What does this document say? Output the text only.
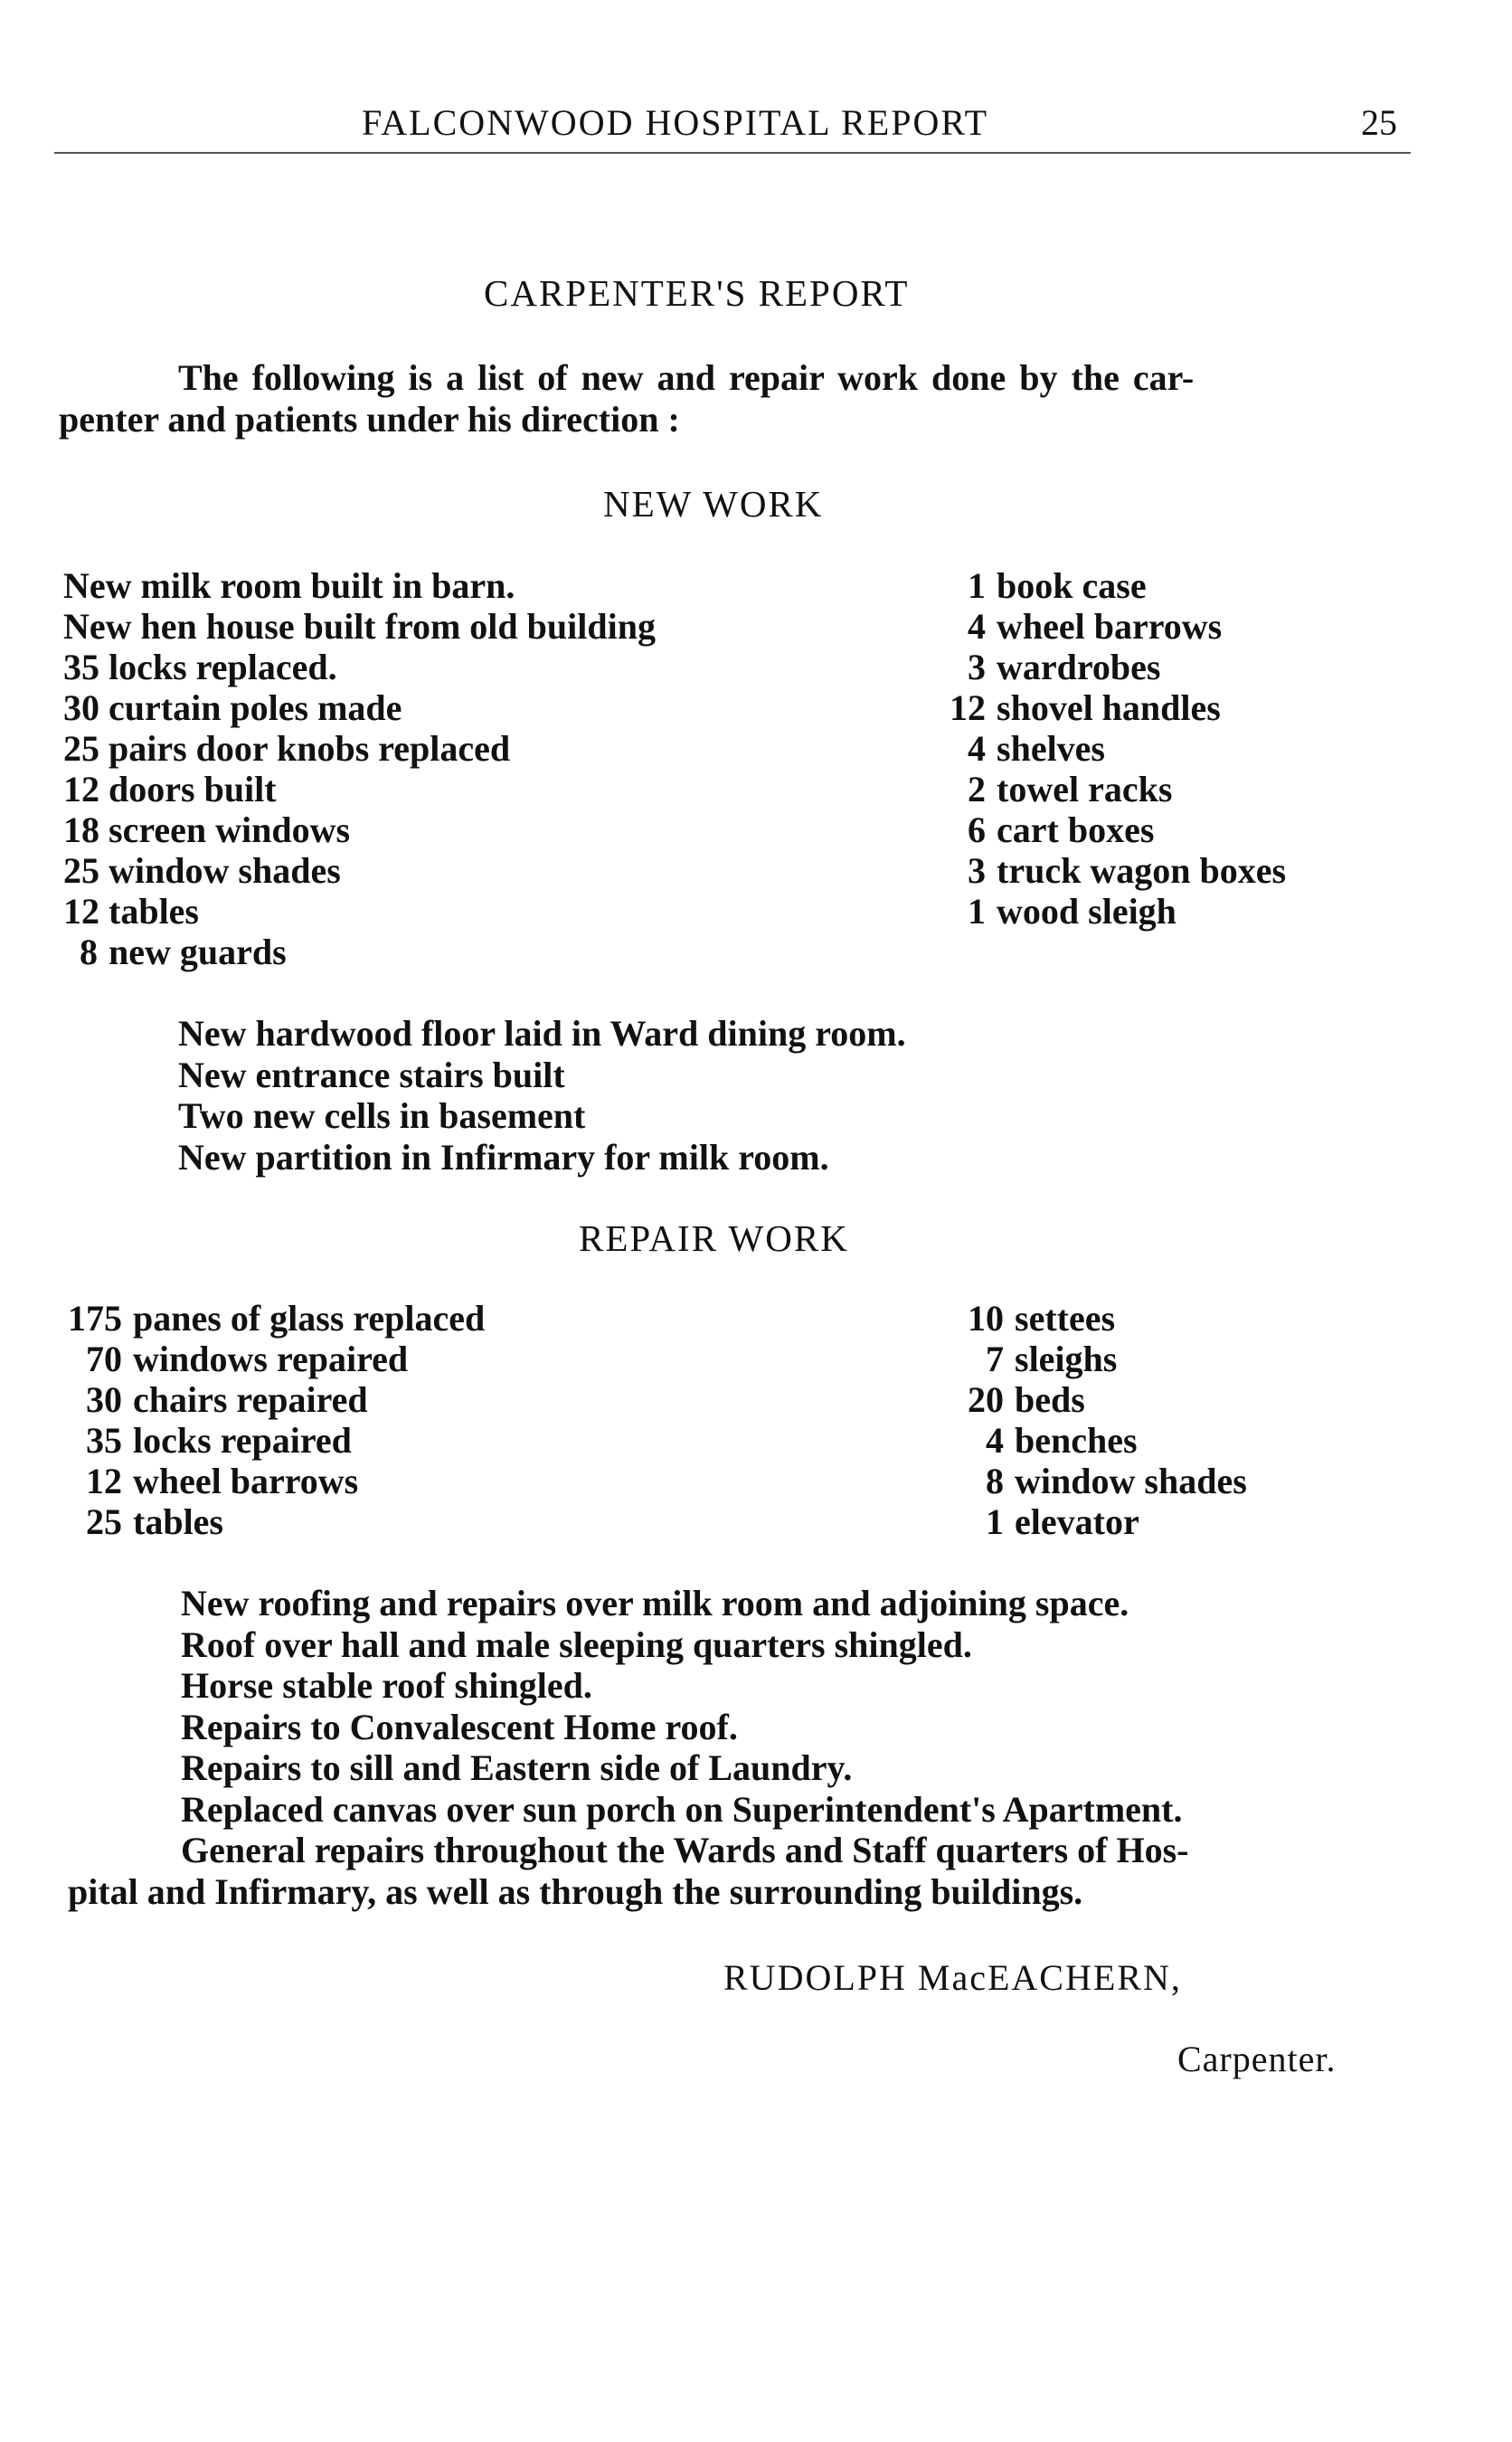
FALCONWOOD HOSPITAL REPORT	25
CARPENTER'S REPORT
The following is a list of new and repair work done by the car-
penter and patients under his direction :
NEW WORK
New milk room built in barn.
New hen house built from old building
35 locks replaced.
30 curtain poles made
25 pairs door knobs replaced
12 doors built
18 screen windows
25 window shades
12 tables
8 new guards
1 book case
4 wheel barrows
3 wardrobes
12 shovel handles
4 shelves
2 towel racks
6 cart boxes
3 truck wagon boxes
1 wood sleigh
New hardwood floor laid in Ward dining room.
New entrance stairs built
Two new cells in basement
New partition in Infirmary for milk room.
REPAIR WORK
175 panes of glass replaced
70 windows repaired
30 chairs repaired
35 locks repaired
12 wheel barrows
25 tables
10 settees
7 sleighs
20 beds
4 benches
8 window shades
1 elevator
New roofing and repairs over milk room and adjoining space.
Roof over hall and male sleeping quarters shingled.
Horse stable roof shingled.
Repairs to Convalescent Home roof.
Repairs to sill and Eastern side of Laundry.
Replaced canvas over sun porch on Superintendent's Apartment.
General repairs throughout the Wards and Staff quarters of Hos-
pital and Infirmary, as well as through the surrounding buildings.
RUDOLPH MacEACHERN,
Carpenter.
